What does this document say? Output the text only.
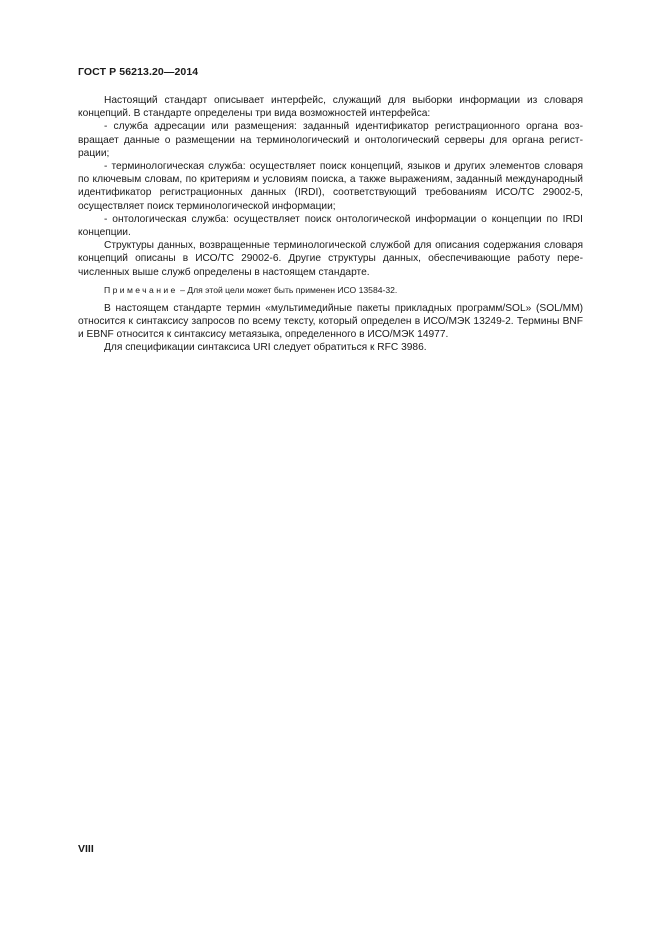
ГОСТ Р 56213.20—2014

Настоящий стандарт описывает интерфейс, служащий для выборки информации из словаря концепций. В стандарте определены три вида возможностей интерфейса:

- служба адресации или размещения: заданный идентификатор регистрационного органа возвращает данные о размещении на терминологический и онтологический серверы для органа регистрации;

- терминологическая служба: осуществляет поиск концепций, языков и других элементов словаря по ключевым словам, по критериям и условиям поиска, а также выражениям, заданный международный идентификатор регистрационных данных (IRDI), соответствующий требованиям ИСО/ТС 29002-5, осуществляет поиск терминологической информации;

- онтологическая служба: осуществляет поиск онтологической информации о концепции по IRDI концепции.

Структуры данных, возвращенные терминологической службой для описания содержания словаря концепций описаны в ИСО/ТС 29002-6. Другие структуры данных, обеспечивающие работу перечисленных выше служб определены в настоящем стандарте.

Примечание – Для этой цели может быть применен ИСО 13584-32.

В настоящем стандарте термин «мультимедийные пакеты прикладных программ/SOL» (SOL/MM) относится к синтаксису запросов по всему тексту, который определен в ИСО/МЭК 13249-2. Термины BNF и EBNF относится к синтаксису метаязыка, определенного в ИСО/МЭК 14977.

Для спецификации синтаксиса URI следует обратиться к RFC 3986.

VIII
